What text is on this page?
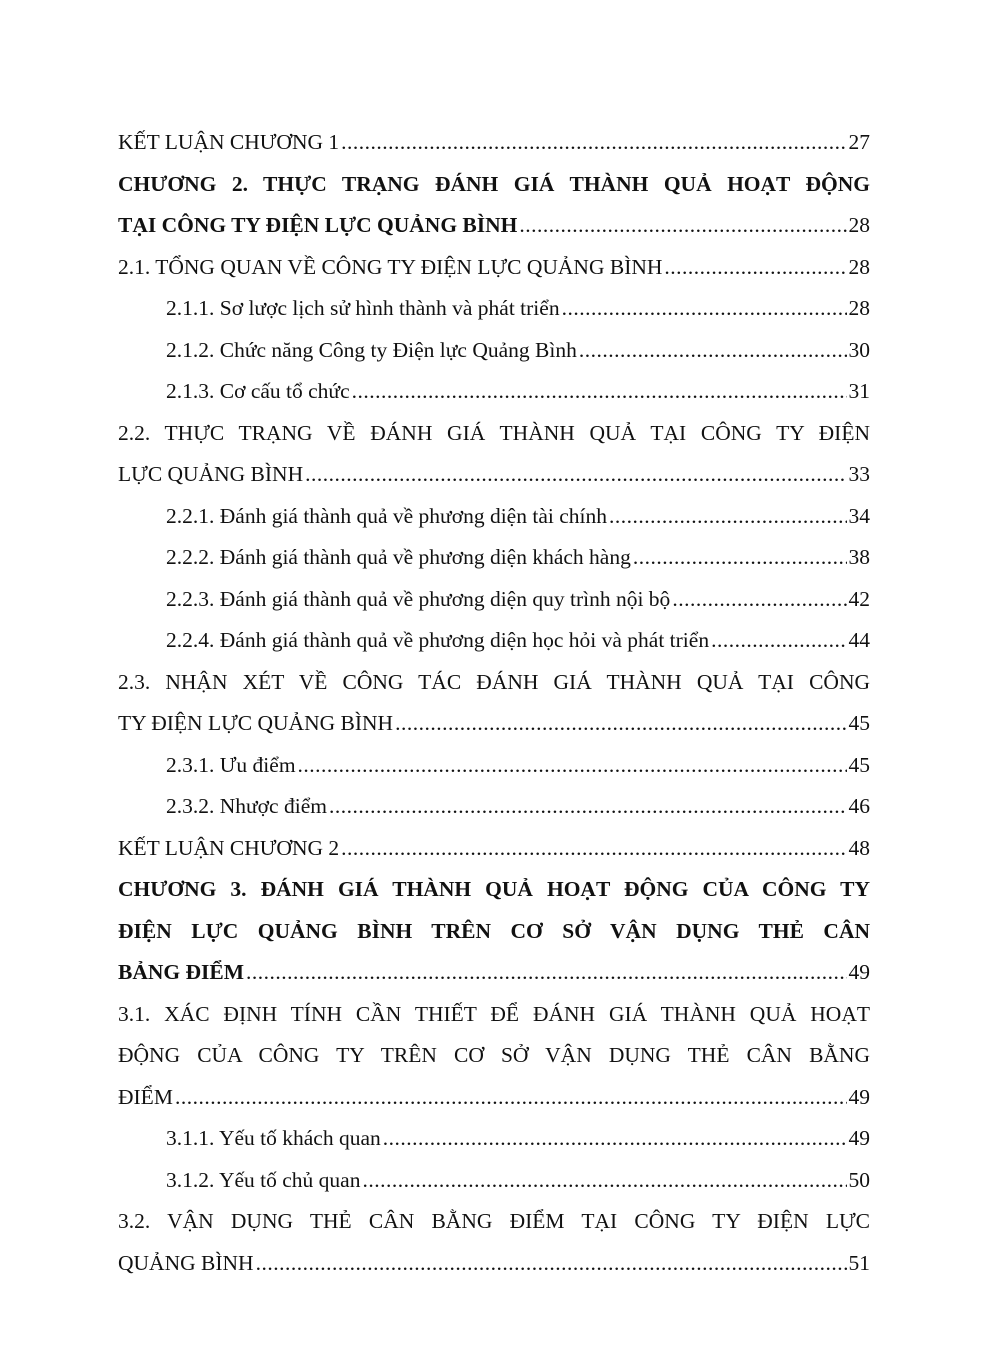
KẾT LUẬN CHƯƠNG 1 .....	27
CHƯƠNG 2. THỰC TRẠNG ĐÁNH GIÁ THÀNH QUẢ HOẠT ĐỘNG
TẠI CÔNG TY ĐIỆN LỰC QUẢNG BÌNH .....	28
2.1. TỔNG QUAN VỀ CÔNG TY ĐIỆN LỰC QUẢNG BÌNH .....	28
2.1.1. Sơ lược lịch sử hình thành và phát triển .....	28
2.1.2. Chức năng Công ty Điện lực Quảng Bình .....	30
2.1.3. Cơ cấu tổ chức .....	31
2.2. THỰC TRẠNG VỀ ĐÁNH GIÁ THÀNH QUẢ TẠI CÔNG TY ĐIỆN
LỰC QUẢNG BÌNH .....	33
2.2.1. Đánh giá thành quả về phương diện tài chính .....	34
2.2.2. Đánh giá thành quả về phương diện khách hàng .....	38
2.2.3. Đánh giá thành quả về phương diện quy trình nội bộ .....	42
2.2.4. Đánh giá thành quả về phương diện học hỏi và phát triển .....	44
2.3. NHẬN XÉT VỀ CÔNG TÁC ĐÁNH GIÁ THÀNH QUẢ TẠI CÔNG
TY ĐIỆN LỰC QUẢNG BÌNH .....	45
2.3.1. Ưu điểm .....	45
2.3.2. Nhược điểm .....	46
KẾT LUẬN CHƯƠNG 2 .....	48
CHƯƠNG 3. ĐÁNH GIÁ THÀNH QUẢ HOẠT ĐỘNG CỦA CÔNG TY
ĐIỆN LỰC QUẢNG BÌNH TRÊN CƠ SỞ VẬN DỤNG THẺ CÂN
BẢNG ĐIỂM .....	49
3.1. XÁC ĐỊNH TÍNH CẦN THIẾT ĐỂ ĐÁNH GIÁ THÀNH QUẢ HOẠT
ĐỘNG CỦA CÔNG TY TRÊN CƠ SỞ VẬN DỤNG THẺ CÂN BẰNG
ĐIỂM .....	49
3.1.1. Yếu tố khách quan .....	49
3.1.2. Yếu tố chủ quan .....	50
3.2. VẬN DỤNG THẺ CÂN BẰNG ĐIỂM TẠI CÔNG TY ĐIỆN LỰC
QUẢNG BÌNH .....	51
